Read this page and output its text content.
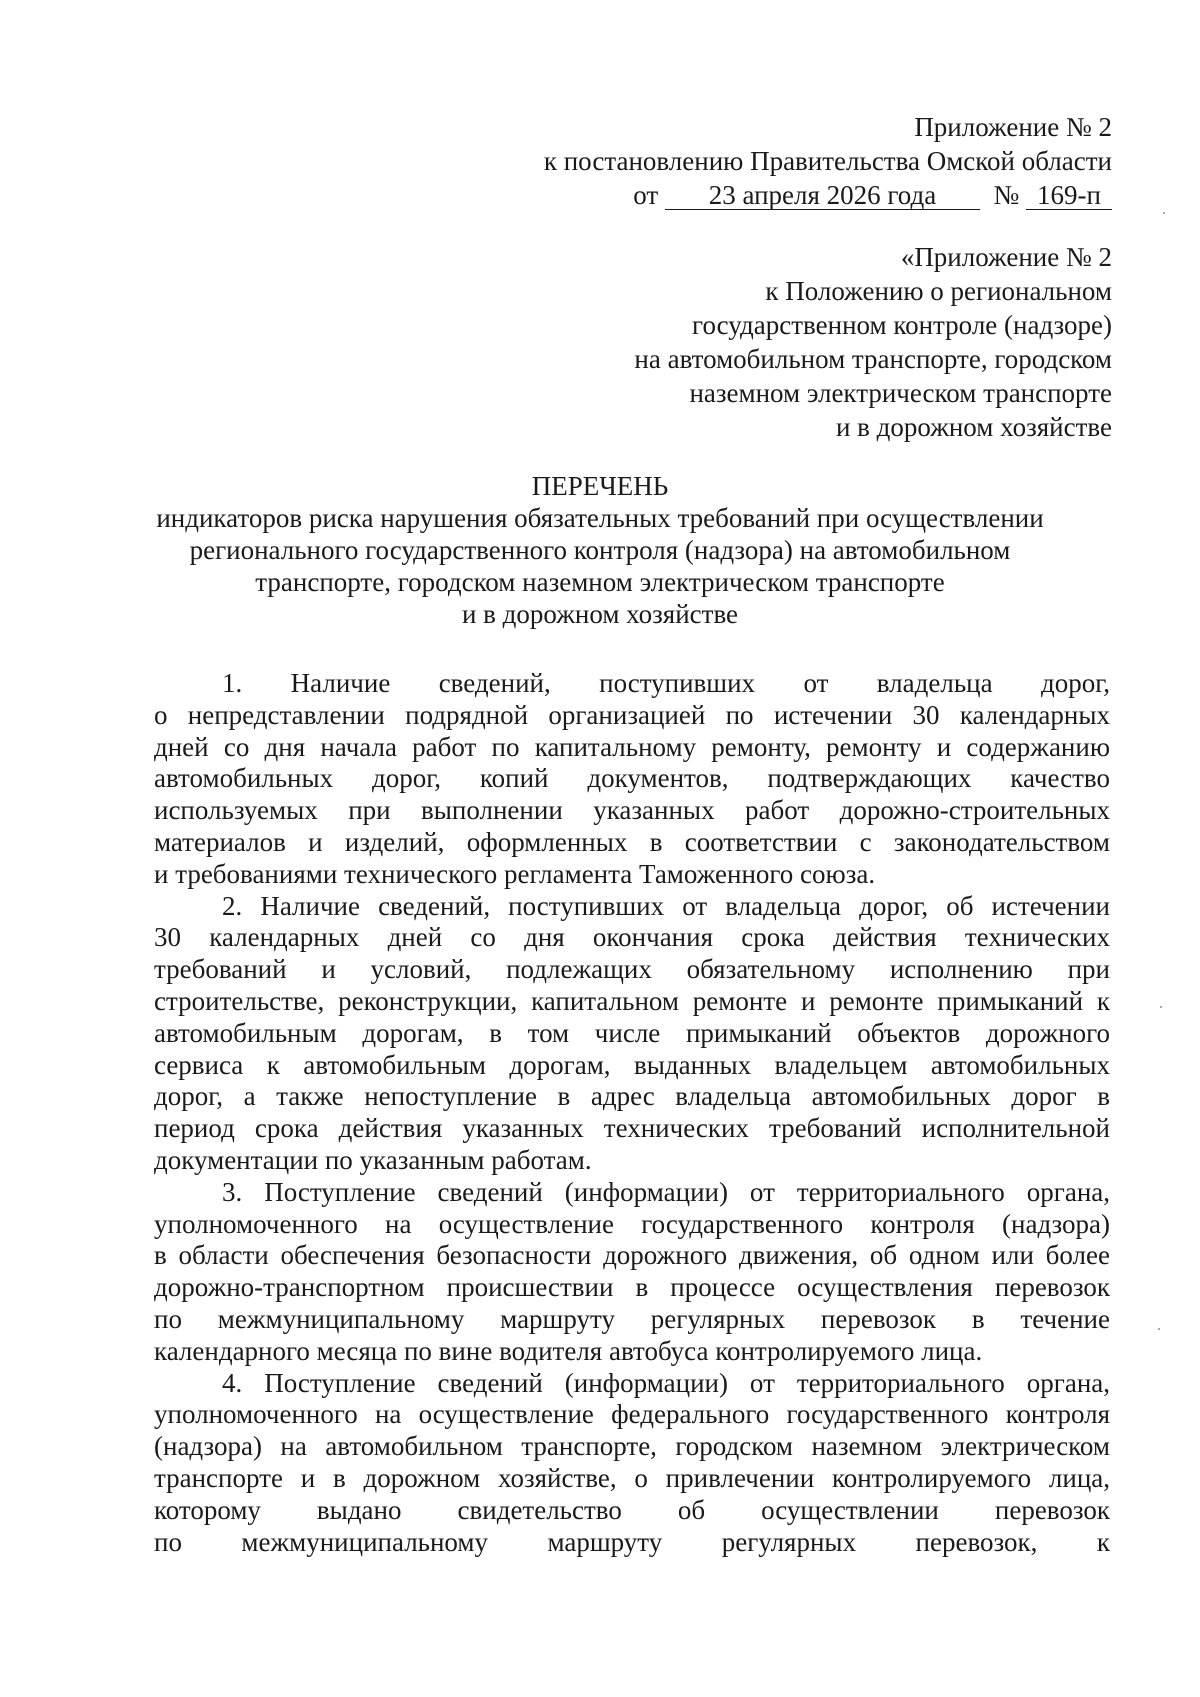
Приложение № 2
к постановлению Правительства Омской области
от 23 апреля 2026 года № 169-п
«Приложение № 2
к Положению о региональном
государственном контроле (надзоре)
на автомобильном транспорте, городском
наземном электрическом транспорте
и в дорожном хозяйстве
ПЕРЕЧЕНЬ
индикаторов риска нарушения обязательных требований при осуществлении
регионального государственного контроля (надзора) на автомобильном
транспорте, городском наземном электрическом транспорте
и в дорожном хозяйстве

1. Наличие сведений, поступивших от владельца дорог,
о непредставлении подрядной организацией по истечении 30 календарных
дней со дня начала работ по капитальному ремонту, ремонту и содержанию
автомобильных дорог, копий документов, подтверждающих качество
используемых при выполнении указанных работ дорожно-строительных
материалов и изделий, оформленных в соответствии с законодательством
и требованиями технического регламента Таможенного союза.

2. Наличие сведений, поступивших от владельца дорог, об истечении
30 календарных дней со дня окончания срока действия технических
требований и условий, подлежащих обязательному исполнению при
строительстве, реконструкции, капитальном ремонте и ремонте примыканий к
автомобильным дорогам, в том числе примыканий объектов дорожного
сервиса к автомобильным дорогам, выданных владельцем автомобильных
дорог, а также непоступление в адрес владельца автомобильных дорог в
период срока действия указанных технических требований исполнительной
документации по указанным работам.

3. Поступление сведений (информации) от территориального органа,
уполномоченного на осуществление государственного контроля (надзора)
в области обеспечения безопасности дорожного движения, об одном или более
дорожно-транспортном происшествии в процессе осуществления перевозок
по межмуниципальному маршруту регулярных перевозок в течение
календарного месяца по вине водителя автобуса контролируемого лица.

4. Поступление сведений (информации) от территориального органа,
уполномоченного на осуществление федерального государственного контроля
(надзора) на автомобильном транспорте, городском наземном электрическом
транспорте и в дорожном хозяйстве, о привлечении контролируемого лица,
которому выдано свидетельство об осуществлении перевозок
по межмуниципальному маршруту регулярных перевозок, к
